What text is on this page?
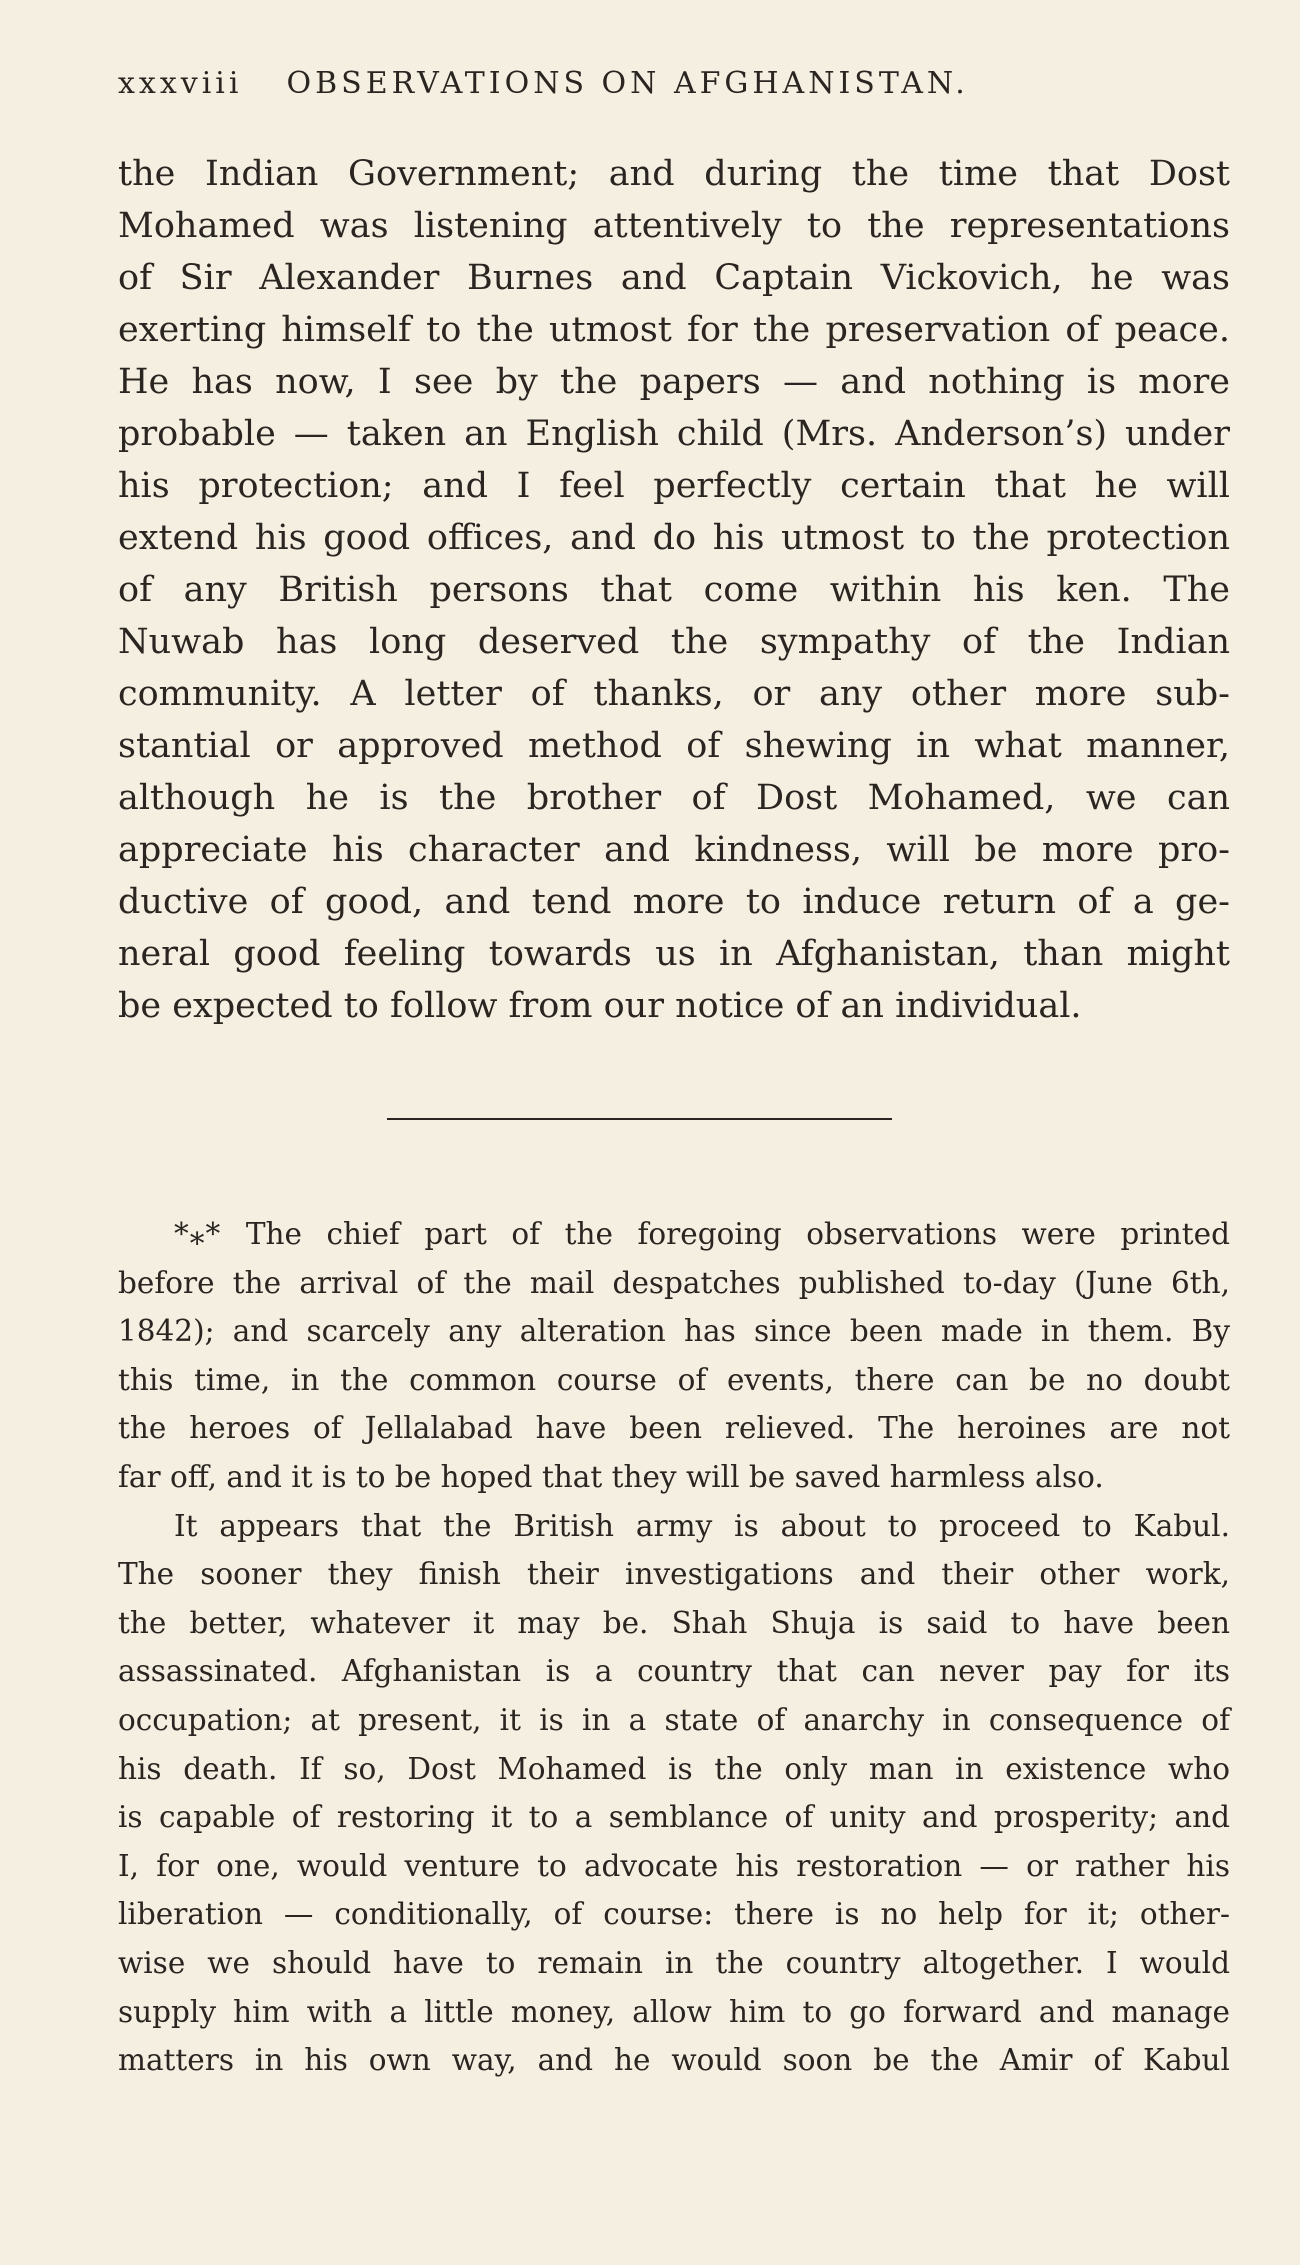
xxxviii OBSERVATIONS ON AFGHANISTAN.
the Indian Government; and during the time that Dost
Mohamed was listening attentively to the representations
of Sir Alexander Burnes and Captain Vickovich, he was
exerting himself to the utmost for the preservation of peace.
He has now, I see by the papers — and nothing is more
probable — taken an English child (Mrs. Anderson’s) under
his protection; and I feel perfectly certain that he will
extend his good offices, and do his utmost to the protection
of any British persons that come within his ken. The
Nuwab has long deserved the sympathy of the Indian
community. A letter of thanks, or any other more sub-
stantial or approved method of shewing in what manner,
although he is the brother of Dost Mohamed, we can
appreciate his character and kindness, will be more pro-
ductive of good, and tend more to induce return of a ge-
neral good feeling towards us in Afghanistan, than might
be expected to follow from our notice of an individual.
*⁎* The chief part of the foregoing observations were printed
before the arrival of the mail despatches published to-day (June 6th,
1842); and scarcely any alteration has since been made in them. By
this time, in the common course of events, there can be no doubt
the heroes of Jellalabad have been relieved. The heroines are not
far off, and it is to be hoped that they will be saved harmless also.
It appears that the British army is about to proceed to Kabul.
The sooner they finish their investigations and their other work,
the better, whatever it may be. Shah Shuja is said to have been
assassinated. Afghanistan is a country that can never pay for its
occupation; at present, it is in a state of anarchy in consequence of
his death. If so, Dost Mohamed is the only man in existence who
is capable of restoring it to a semblance of unity and prosperity; and
I, for one, would venture to advocate his restoration — or rather his
liberation — conditionally, of course: there is no help for it; other-
wise we should have to remain in the country altogether. I would
supply him with a little money, allow him to go forward and manage
matters in his own way, and he would soon be the Amir of Kabul
